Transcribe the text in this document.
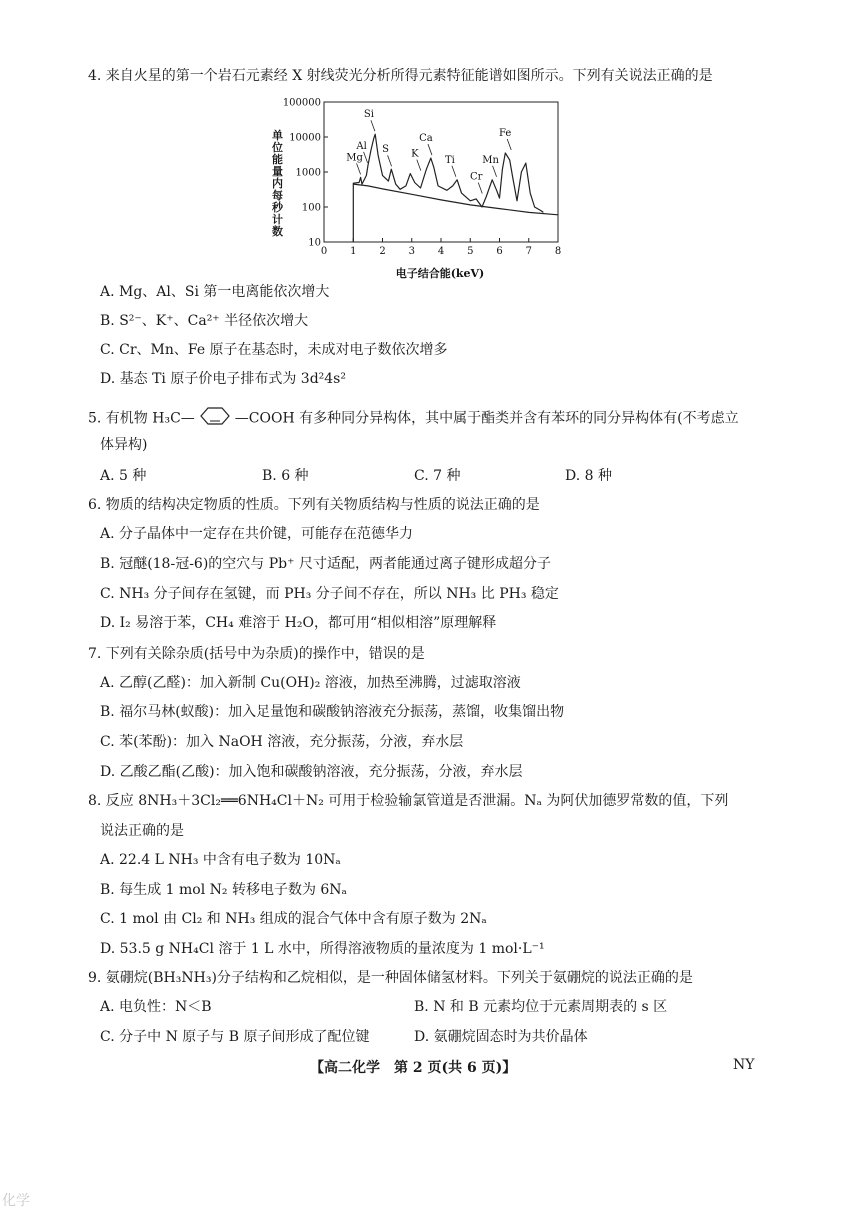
4. 来自火星的第一个岩石元素经 X 射线荧光分析所得元素特征能谱如图所示。下列有关说法正确的是
0 1 2 3 4 5 6 7 8
10
100
1000
10000
100000
Mg
Al
Si
S K
Ca
Ti
Cr
Mn
Fe
电子结合能(keV)
单位能量内每秒计数
A. Mg、Al、Si 第一电离能依次增大
B. S²⁻、K⁺、Ca²⁺ 半径依次增大
C. Cr、Mn、Fe 原子在基态时，未成对电子数依次增多
D. 基态 Ti 原子价电子排布式为 3d²4s²
5. 有机物 H₃C—	—COOH 有多种同分异构体，其中属于酯类并含有苯环的同分异构体有(不考虑立
体异构)
A. 5 种	B. 6 种	C. 7 种	D. 8 种
6. 物质的结构决定物质的性质。下列有关物质结构与性质的说法正确的是
A. 分子晶体中一定存在共价键，可能存在范德华力
B. 冠醚(18-冠-6)的空穴与 Pb⁺ 尺寸适配，两者能通过离子键形成超分子
C. NH₃ 分子间存在氢键，而 PH₃ 分子间不存在，所以 NH₃ 比 PH₃ 稳定
D. I₂ 易溶于苯，CH₄ 难溶于 H₂O，都可用“相似相溶”原理解释
7. 下列有关除杂质(括号中为杂质)的操作中，错误的是
A. 乙醇(乙醛)：加入新制 Cu(OH)₂ 溶液，加热至沸腾，过滤取溶液
B. 福尔马林(蚁酸)：加入足量饱和碳酸钠溶液充分振荡，蒸馏，收集馏出物
C. 苯(苯酚)：加入 NaOH 溶液，充分振荡，分液，弃水层
D. 乙酸乙酯(乙酸)：加入饱和碳酸钠溶液，充分振荡，分液，弃水层
8. 反应 8NH₃＋3Cl₂══6NH₄Cl＋N₂ 可用于检验输氯管道是否泄漏。Nₐ 为阿伏加德罗常数的值，下列
说法正确的是
A. 22.4 L NH₃ 中含有电子数为 10Nₐ
B. 每生成 1 mol N₂ 转移电子数为 6Nₐ
C. 1 mol 由 Cl₂ 和 NH₃ 组成的混合气体中含有原子数为 2Nₐ
D. 53.5 g NH₄Cl 溶于 1 L 水中，所得溶液物质的量浓度为 1 mol·L⁻¹
9. 氨硼烷(BH₃NH₃)分子结构和乙烷相似，是一种固体储氢材料。下列关于氨硼烷的说法正确的是
A. 电负性：N＜B	B. N 和 B 元素均位于元素周期表的 s 区
C. 分子中 N 原子与 B 原子间形成了配位键	D. 氨硼烷固态时为共价晶体
【高二化学　第 2 页(共 6 页)】	NY
化学
